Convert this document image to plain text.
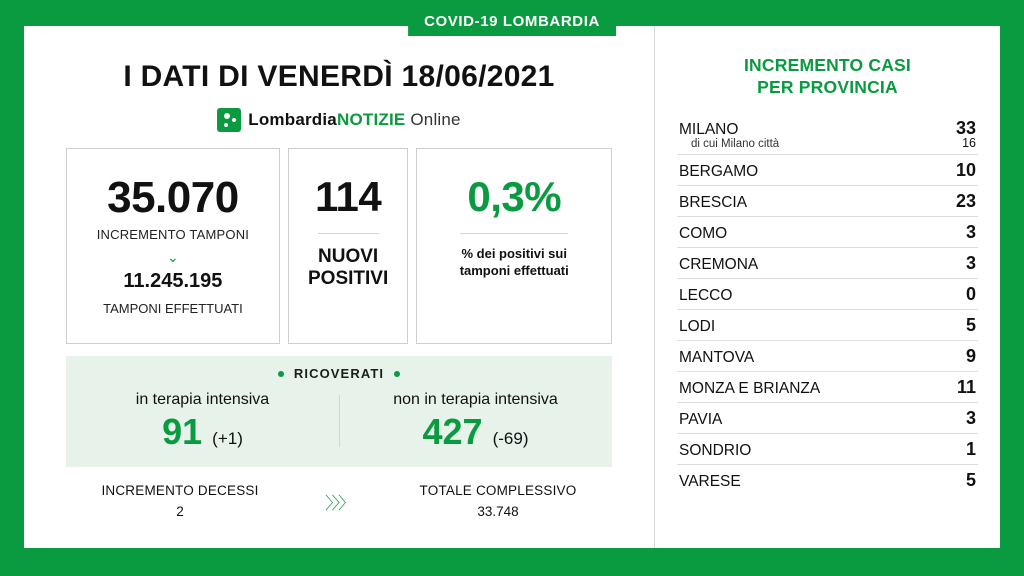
COVID-19 LOMBARDIA
I DATI DI VENERDÌ 18/06/2021
LombardiaNOTIZIE Online
35.070
INCREMENTO TAMPONI
⌄
11.245.195
TAMPONI EFFETTUATI
114
NUOVI
POSITIVI
0,3%
% dei positivi sui
tamponi effettuati
RICOVERATI
in terapia intensiva
91 (+1)
non in terapia intensiva
427 (-69)
INCREMENTO DECESSI
2	〉〉〉
TOTALE COMPLESSIVO
33.748
INCREMENTO CASI
PER PROVINCIA
MILANO	33
di cui Milano città	16
BERGAMO	10
BRESCIA	23
COMO	3
CREMONA	3
LECCO	0
LODI	5
MANTOVA	9
MONZA E BRIANZA	11
PAVIA	3
SONDRIO	1
VARESE	5
